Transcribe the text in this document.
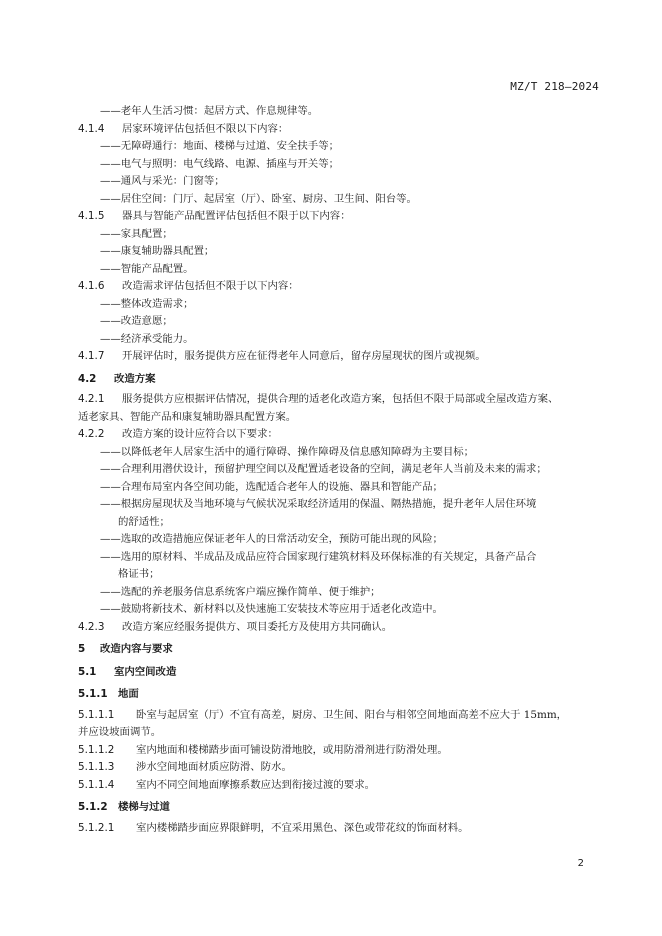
MZ/T 218—2024
——老年人生活习惯：起居方式、作息规律等。
4.1.4 居家环境评估包括但不限以下内容：
——无障碍通行：地面、楼梯与过道、安全扶手等；
——电气与照明：电气线路、电源、插座与开关等；
——通风与采光：门窗等；
——居住空间：门厅、起居室（厅）、卧室、厨房、卫生间、阳台等。
4.1.5 器具与智能产品配置评估包括但不限于以下内容：
——家具配置；
——康复辅助器具配置；
——智能产品配置。
4.1.6 改造需求评估包括但不限于以下内容：
——整体改造需求；
——改造意愿；
——经济承受能力。
4.1.7 开展评估时，服务提供方应在征得老年人同意后，留存房屋现状的图片或视频。
4.2 改造方案
4.2.1 服务提供方应根据评估情况，提供合理的适老化改造方案，包括但不限于局部或全屋改造方案、
适老家具、智能产品和康复辅助器具配置方案。
4.2.2 改造方案的设计应符合以下要求：
——以降低老年人居家生活中的通行障碍、操作障碍及信息感知障碍为主要目标；
——合理利用潜伏设计，预留护理空间以及配置适老设备的空间，满足老年人当前及未来的需求；
——合理布局室内各空间功能，选配适合老年人的设施、器具和智能产品；
——根据房屋现状及当地环境与气候状况采取经济适用的保温、隔热措施，提升老年人居住环境
的舒适性；
——选取的改造措施应保证老年人的日常活动安全，预防可能出现的风险；
——选用的原材料、半成品及成品应符合国家现行建筑材料及环保标准的有关规定，具备产品合
格证书；
——选配的养老服务信息系统客户端应操作简单、便于维护；
——鼓励将新技术、新材料以及快速施工安装技术等应用于适老化改造中。
4.2.3 改造方案应经服务提供方、项目委托方及使用方共同确认。
5 改造内容与要求
5.1 室内空间改造
5.1.1 地面
5.1.1.1 卧室与起居室（厅）不宜有高差，厨房、卫生间、阳台与相邻空间地面高差不应大于 15mm，
并应设坡面调节。
5.1.1.2 室内地面和楼梯踏步面可铺设防滑地胶，或用防滑剂进行防滑处理。
5.1.1.3 涉水空间地面材质应防滑、防水。
5.1.1.4 室内不同空间地面摩擦系数应达到衔接过渡的要求。
5.1.2 楼梯与过道
5.1.2.1 室内楼梯踏步面应界限鲜明，不宜采用黑色、深色或带花纹的饰面材料。
2
